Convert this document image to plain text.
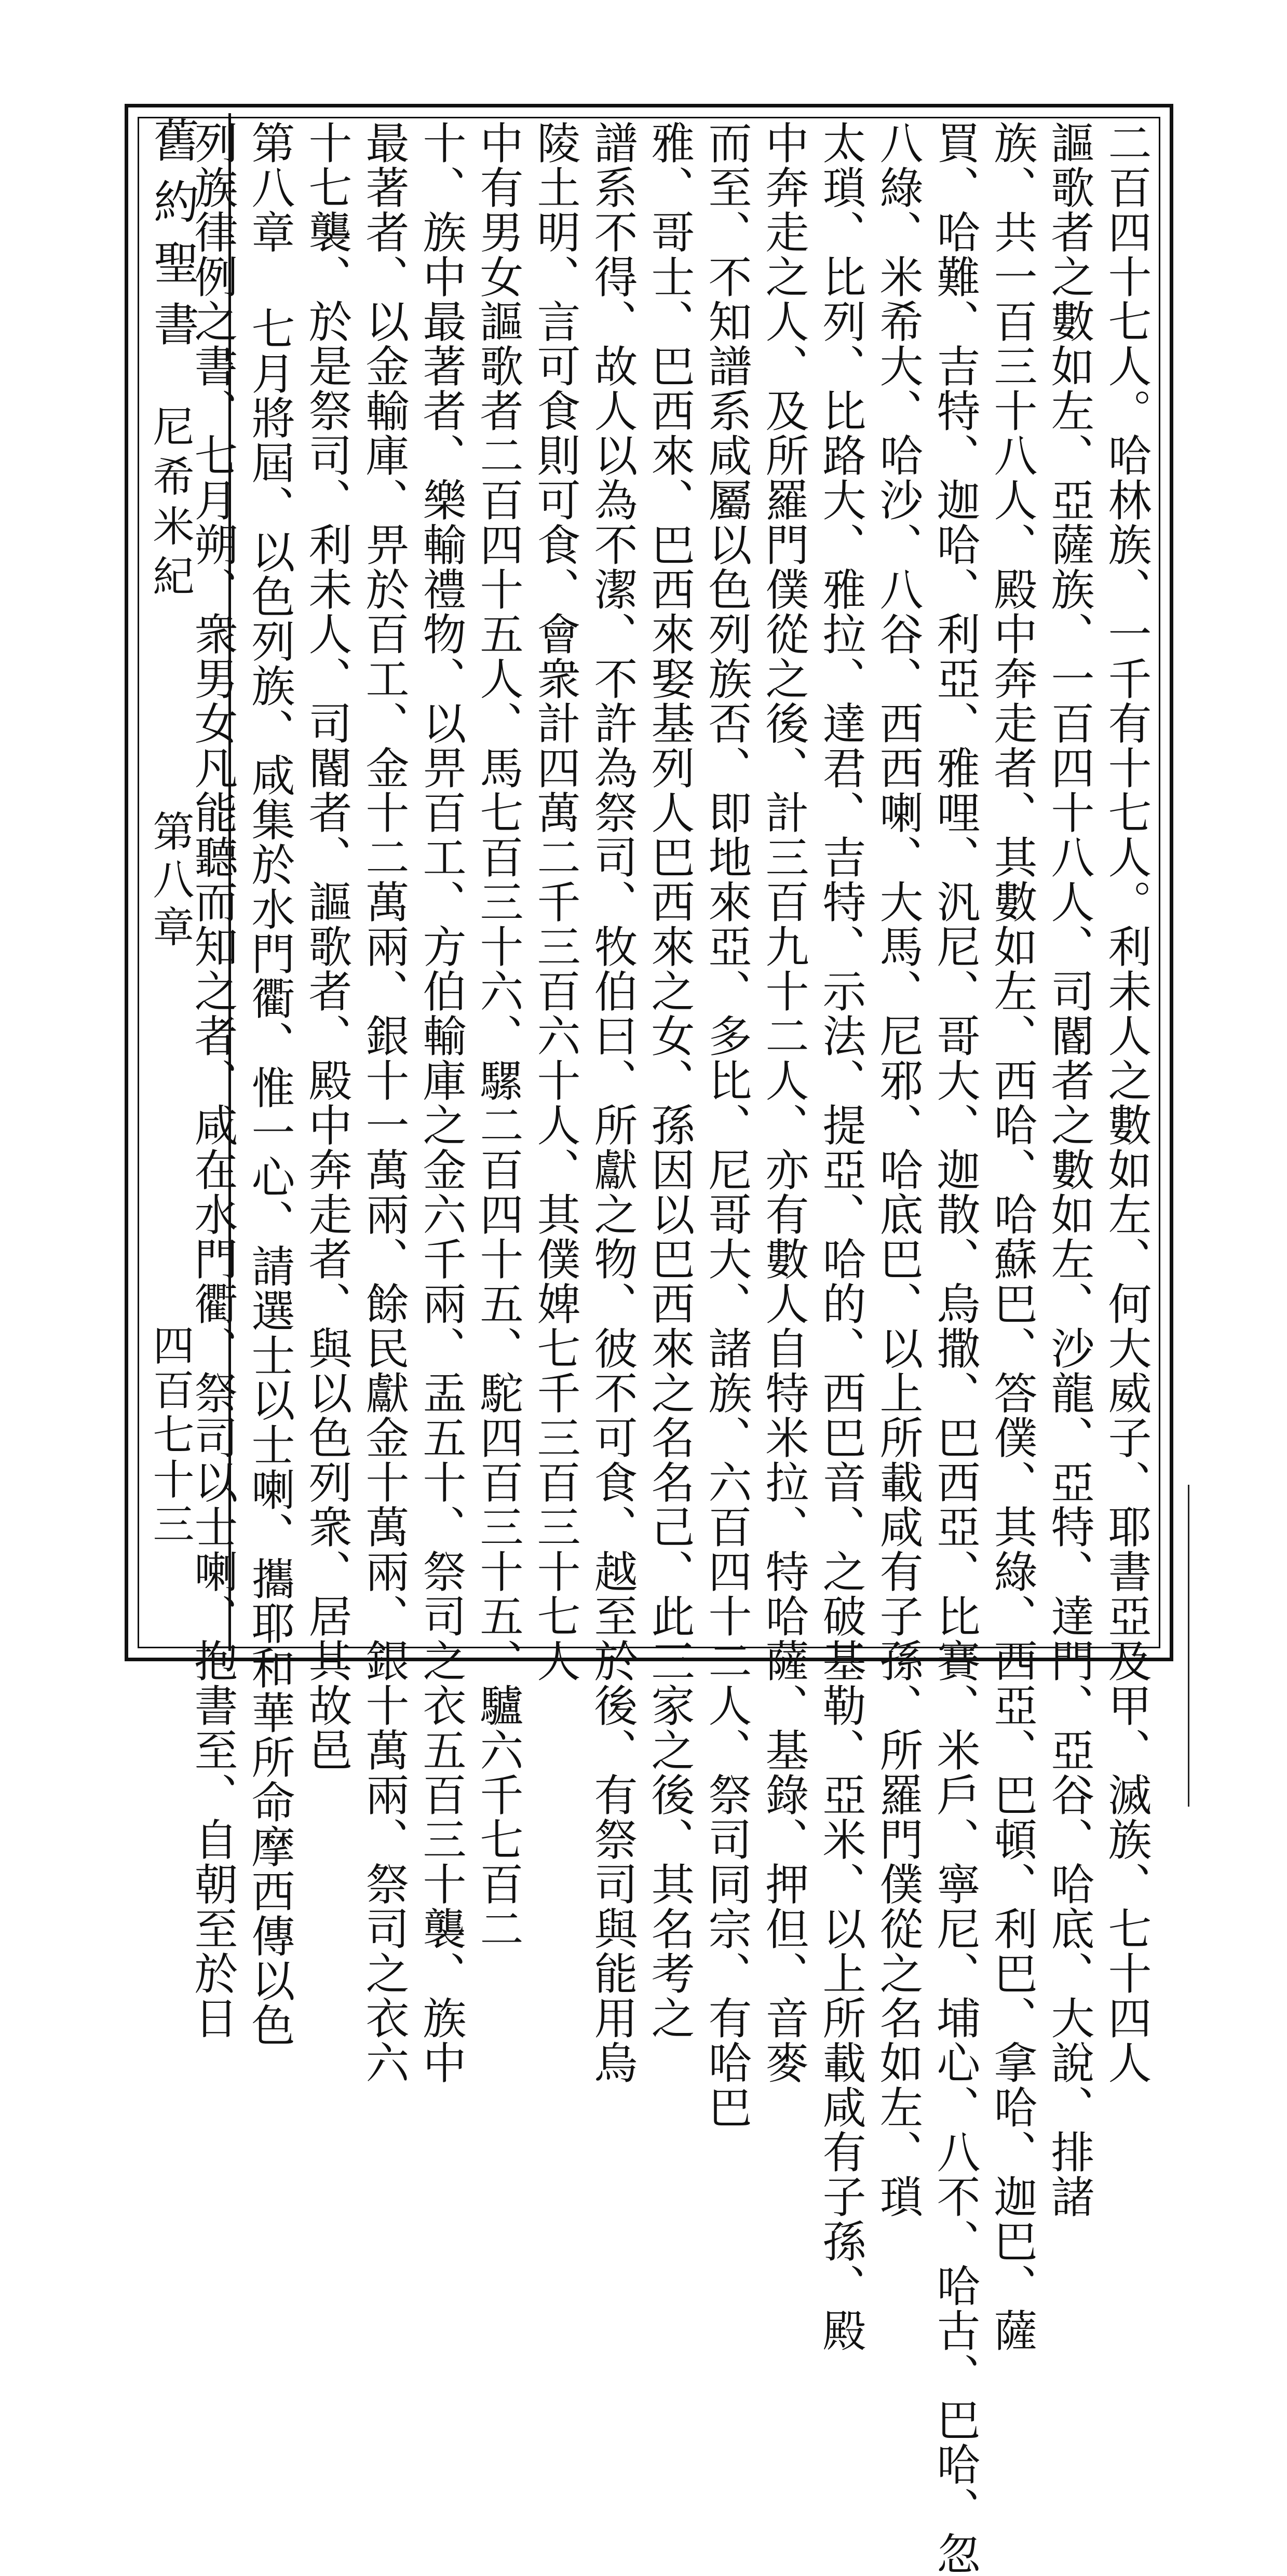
舊約聖書
尼希米紀
第八章
四百七十三	二百四十七人。哈林族、一千有十七人。利未人之數如左、何大威子、耶書亞及甲、滅族、七十四人

謳歌者之數如左、亞薩族、一百四十八人、司閽者之數如左、沙龍、亞特、達門、亞谷、哈底、大說、排諸

族、共一百三十八人、殿中奔走者、其數如左、西哈、哈蘇巴、答僕、其綠、西亞、巴頓、利巴、拿哈、迦巴、薩

買、哈難、吉特、迦哈、利亞、雅哩、汎尼、哥大、迦散、烏撒、巴西亞、比賽、米戶、寧尼、埔心、八不、哈古、巴哈、忽

八綠、米希大、哈沙、八谷、西西喇、大馬、尼邪、哈底巴、以上所載咸有子孫、所羅門僕從之名如左、瑣

太瑣、比列、比路大、雅拉、達君、吉特、示法、提亞、哈的、西巴音、之破基勒、亞米、以上所載咸有子孫、殿

中奔走之人、及所羅門僕從之後、計三百九十二人、亦有數人自特米拉、特哈薩、基錄、押但、音麥

而至、不知譜系咸屬以色列族否、即地來亞、多比、尼哥大、諸族、六百四十二人、祭司同宗、有哈巴

雅、哥士、巴西來、巴西來娶基列人巴西來之女、孫因以巴西來之名名己、此三家之後、其名考之

譜系不得、故人以為不潔、不許為祭司、牧伯曰、所獻之物、彼不可食、越至於後、有祭司與能用烏

陵土明、言可食則可食、會衆計四萬二千三百六十人、其僕婢七千三百三十七人

中有男女謳歌者二百四十五人、馬七百三十六、騾二百四十五、駝四百三十五、驢六千七百二

十、族中最著者、樂輸禮物、以畀百工、方伯輸庫之金六千兩、盂五十、祭司之衣五百三十襲、族中

最著者、以金輸庫、畀於百工、金十二萬兩、銀十一萬兩、餘民獻金十萬兩、銀十萬兩、祭司之衣六

十七襲、於是祭司、利未人、司閽者、謳歌者、殿中奔走者、與以色列衆、居其故邑

第八章 七月將屆、以色列族、咸集於水門衢、惟一心、請選士以士喇、攜耶和華所命摩西傳以色

列族律例之書、七月朔、衆男女凡能聽而知之者、咸在水門衢、祭司以士喇、抱書至、自朝至於日
